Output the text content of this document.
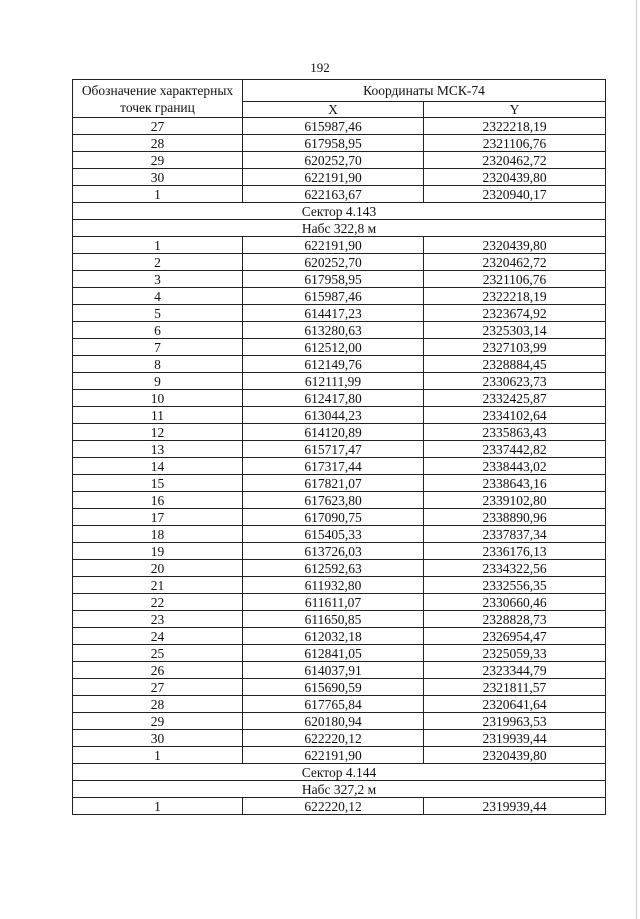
192
Обозначение характерных точек границ	Координаты МСК-74	
	X	Y
27	615987,46	2322218,19
28	617958,95	2321106,76
29	620252,70	2320462,72
30	622191,90	2320439,80
1	622163,67	2320940,17
Сектор 4.143		
Набс 322,8 м		
1	622191,90	2320439,80
2	620252,70	2320462,72
3	617958,95	2321106,76
4	615987,46	2322218,19
5	614417,23	2323674,92
6	613280,63	2325303,14
7	612512,00	2327103,99
8	612149,76	2328884,45
9	612111,99	2330623,73
10	612417,80	2332425,87
11	613044,23	2334102,64
12	614120,89	2335863,43
13	615717,47	2337442,82
14	617317,44	2338443,02
15	617821,07	2338643,16
16	617623,80	2339102,80
17	617090,75	2338890,96
18	615405,33	2337837,34
19	613726,03	2336176,13
20	612592,63	2334322,56
21	611932,80	2332556,35
22	611611,07	2330660,46
23	611650,85	2328828,73
24	612032,18	2326954,47
25	612841,05	2325059,33
26	614037,91	2323344,79
27	615690,59	2321811,57
28	617765,84	2320641,64
29	620180,94	2319963,53
30	622220,12	2319939,44
1	622191,90	2320439,80
Сектор 4.144		
Набс 327,2 м		
1	622220,12	2319939,44
